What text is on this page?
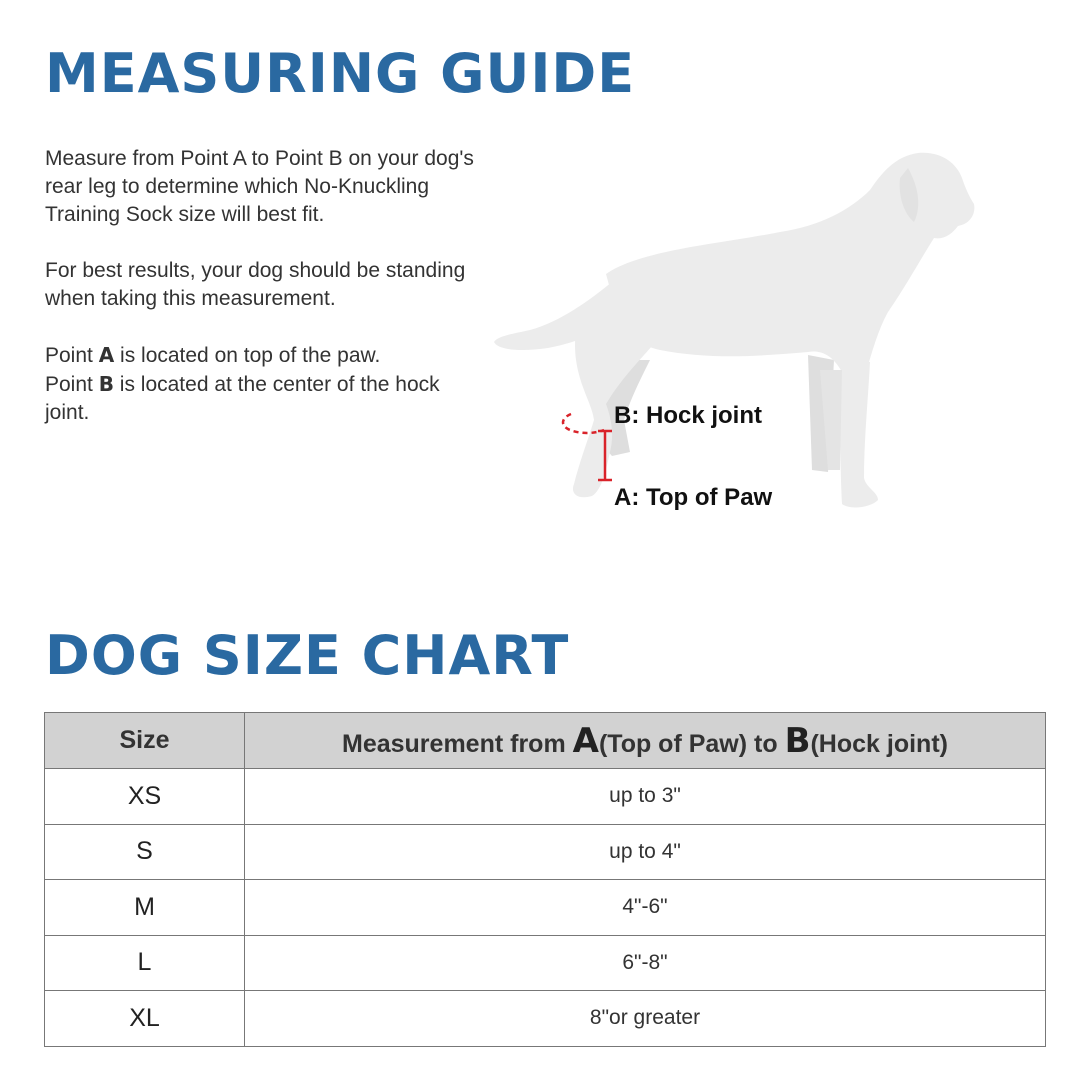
MEASURING GUIDE

Measure from Point A to Point B on your dog's rear leg to determine which No-Knuckling Training Sock size will best fit.

For best results, your dog should be standing when taking this measurement.

Point A is located on top of the paw.
Point B is located at the center of the hock joint.	B: Hock joint
A: Top of Paw
DOG SIZE CHART
Size	Measurement from A(Top of Paw) to B(Hock joint)
XS	up to 3"
S	up to 4"
M	4"-6"
L	6"-8"
XL	8"or greater
